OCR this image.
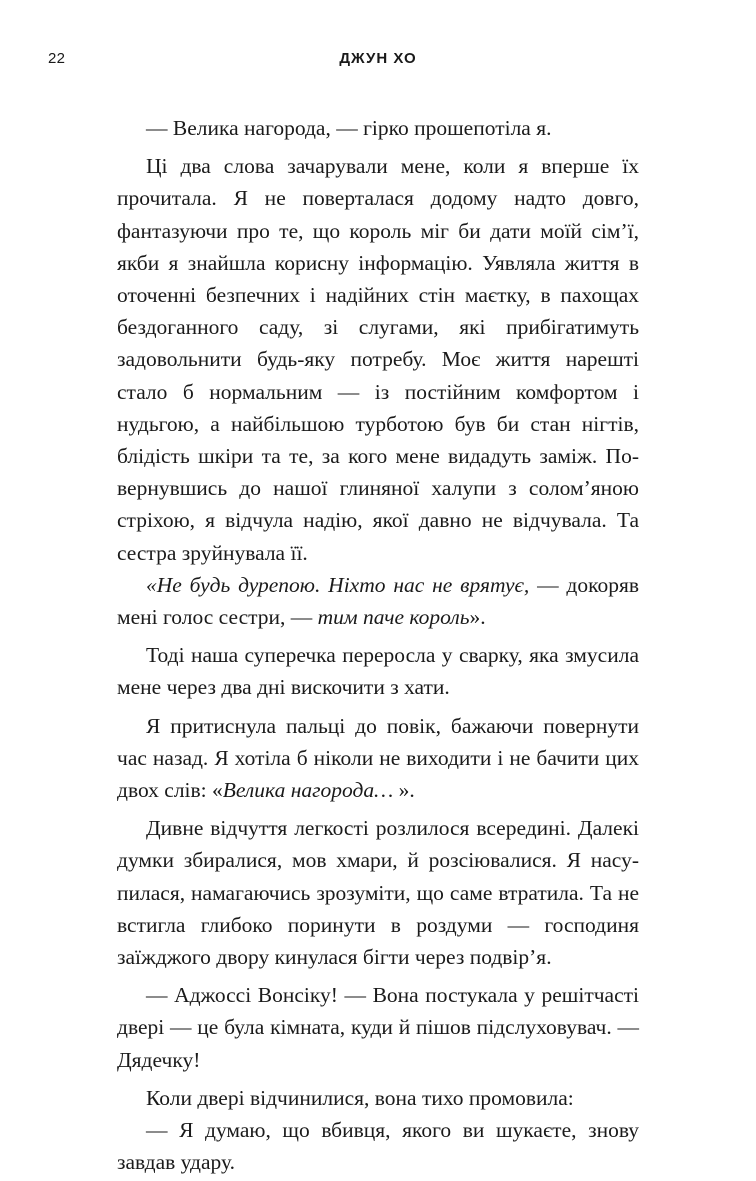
22	ДЖУН ХО

— Велика нагорода, — гірко прошепотіла я.

Ці два слова зачарували мене, коли я вперше їх прочитала. Я не поверталася додому надто довго, фантазуючи про те, що король міг би дати моїй сім’ї, якби я знайшла корисну інформацію. Уявляла життя в оточенні безпечних і надійних стін маєтку, в пахощах бездоганного саду, зі слугами, які прибігатимуть задовольнити будь-яку потребу. Моє життя нарешті стало б нормальним — із постійним комфортом і нудьгою, а найбільшою турботою був би стан нігтів, блідість шкіри та те, за кого мене видадуть заміж. Повернувшись до нашої глиняної халупи з солом’яною стріхою, я відчула надію, якої давно не відчувала. Та сестра зруйнувала її.

«Не будь дурепою. Ніхто нас не врятує, — докоряв мені голос сестри, — тим паче король».

Тоді наша суперечка переросла у сварку, яка змусила мене через два дні вискочити з хати.

Я притиснула пальці до повік, бажаючи повернути час назад. Я хотіла б ніколи не виходити і не бачити цих двох слів: «Велика нагорода… ».

Дивне відчуття легкості розлилося всередині. Далекі думки збиралися, мов хмари, й розсіювалися. Я насупилася, намагаючись зрозуміти, що саме втратила. Та не встигла глибоко поринути в роздуми — господиня заїжджого двору кинулася бігти через подвір’я.

— Аджоссі Вонсіку! — Вона постукала у решітчасті двері — це була кімната, куди й пішов підслуховувач. — Дядечку!

Коли двері відчинилися, вона тихо промовила:

— Я думаю, що вбивця, якого ви шукаєте, знову завдав удару.
